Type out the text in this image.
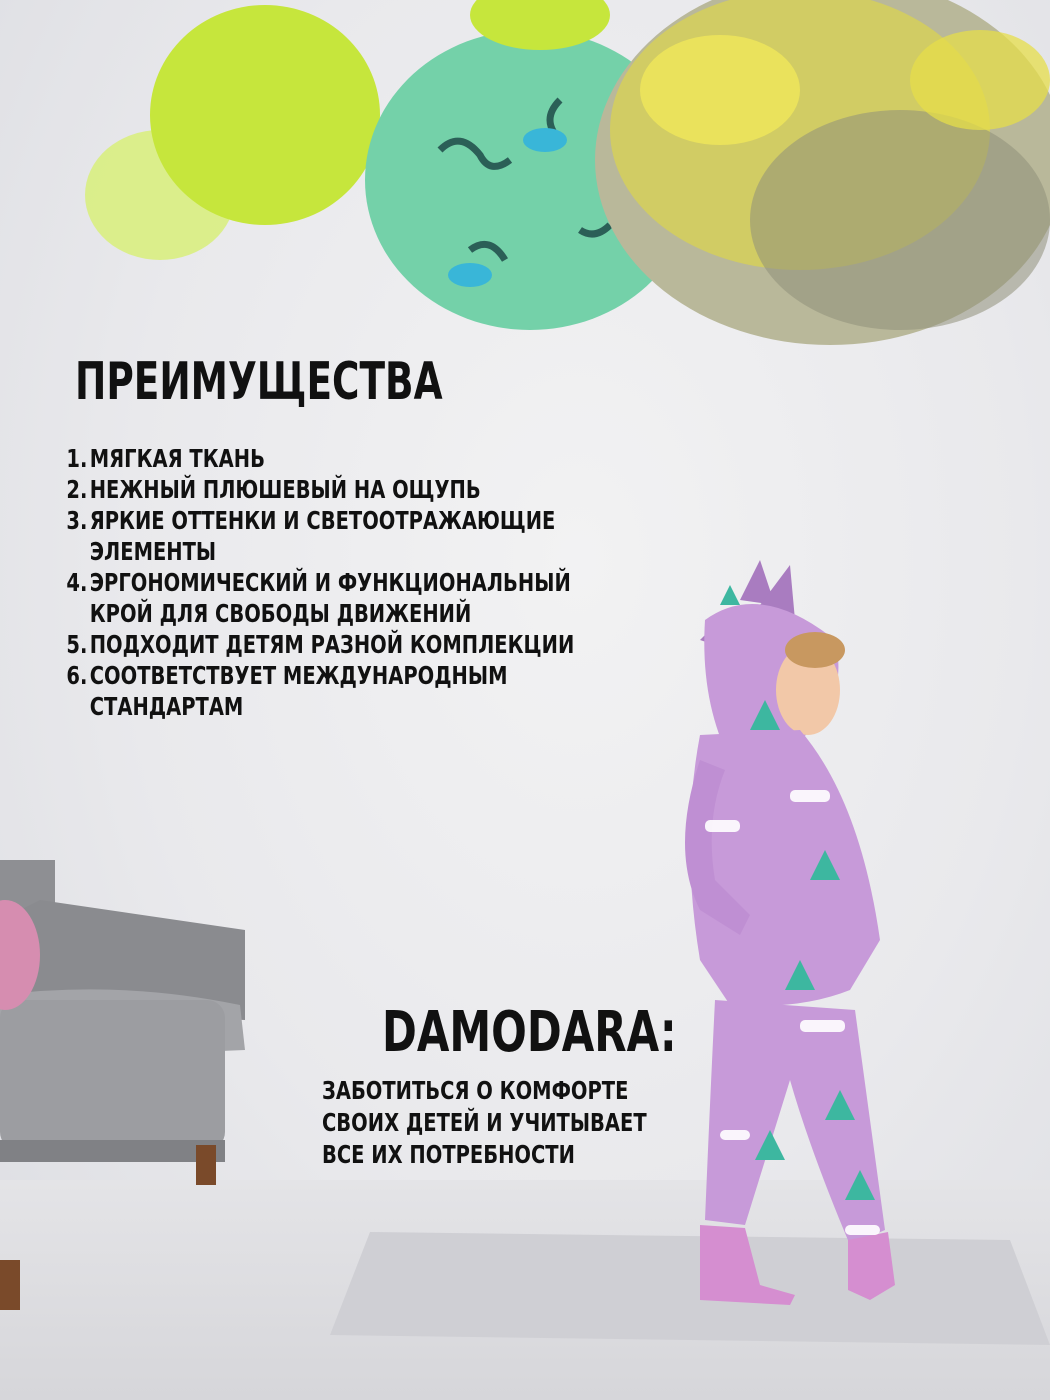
ПРЕИМУЩЕСТВА
1. МЯГКАЯ ТКАНЬ
2. НЕЖНЫЙ ПЛЮШЕВЫЙ НА ОЩУПЬ
3. ЯРКИЕ ОТТЕНКИ И СВЕТООТРАЖАЮЩИЕ ЭЛЕМЕНТЫ
4. ЭРГОНОМИЧЕСКИЙ И ФУНКЦИОНАЛЬНЫЙ КРОЙ ДЛЯ СВОБОДЫ ДВИЖЕНИЙ
5. ПОДХОДИТ ДЕТЯМ РАЗНОЙ КОМПЛЕКЦИИ
6. СООТВЕТСТВУЕТ МЕЖДУНАРОДНЫМ СТАНДАРТАМ
DAMODARA:

ЗАБОТИТЬСЯ О КОМФОРТЕ СВОИХ ДЕТЕЙ И УЧИТЫВАЕТ ВСЕ ИХ ПОТРЕБНОСТИ
